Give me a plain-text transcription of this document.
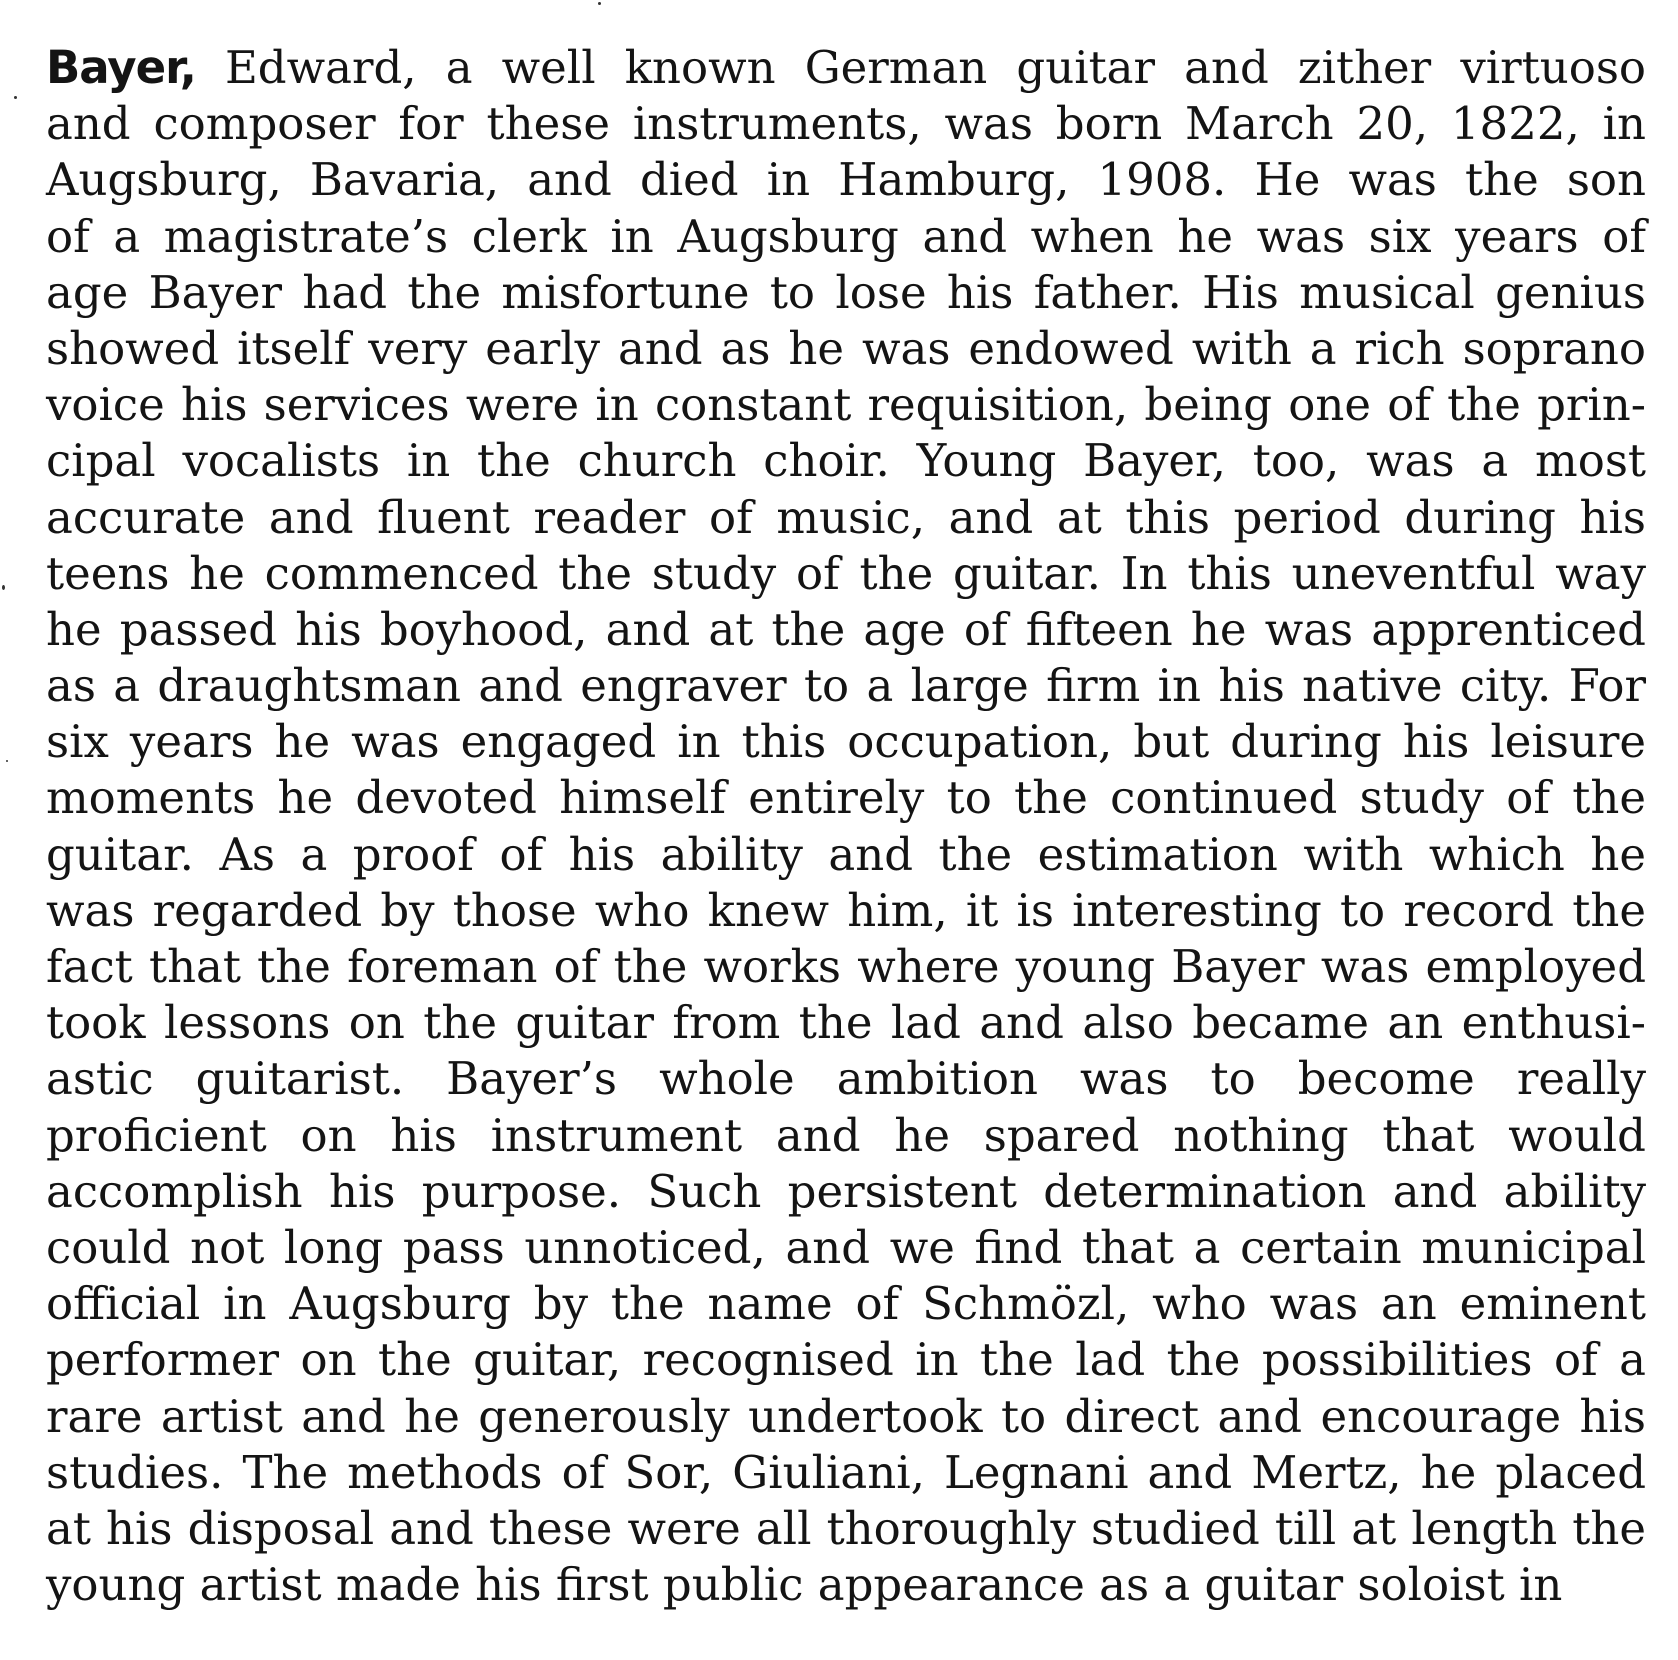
Bayer, Edward, a well known German guitar and zither virtuoso
and composer for these instruments, was born March 20, 1822, in
Augsburg, Bavaria, and died in Hamburg, 1908. He was the son
of a magistrate’s clerk in Augsburg and when he was six years of
age Bayer had the misfortune to lose his father. His musical genius
showed itself very early and as he was endowed with a rich soprano
voice his services were in constant requisition, being one of the prin-
cipal vocalists in the church choir. Young Bayer, too, was a most
accurate and fluent reader of music, and at this period during his
teens he commenced the study of the guitar. In this uneventful way
he passed his boyhood, and at the age of fifteen he was apprenticed
as a draughtsman and engraver to a large firm in his native city. For
six years he was engaged in this occupation, but during his leisure
moments he devoted himself entirely to the continued study of the
guitar. As a proof of his ability and the estimation with which he
was regarded by those who knew him, it is interesting to record the
fact that the foreman of the works where young Bayer was employed
took lessons on the guitar from the lad and also became an enthusi-
astic guitarist. Bayer’s whole ambition was to become really
proficient on his instrument and he spared nothing that would
accomplish his purpose. Such persistent determination and ability
could not long pass unnoticed, and we find that a certain municipal
official in Augsburg by the name of Schmözl, who was an eminent
performer on the guitar, recognised in the lad the possibilities of a
rare artist and he generously undertook to direct and encourage his
studies. The methods of Sor, Giuliani, Legnani and Mertz, he placed
at his disposal and these were all thoroughly studied till at length the
young artist made his first public appearance as a guitar soloist in
